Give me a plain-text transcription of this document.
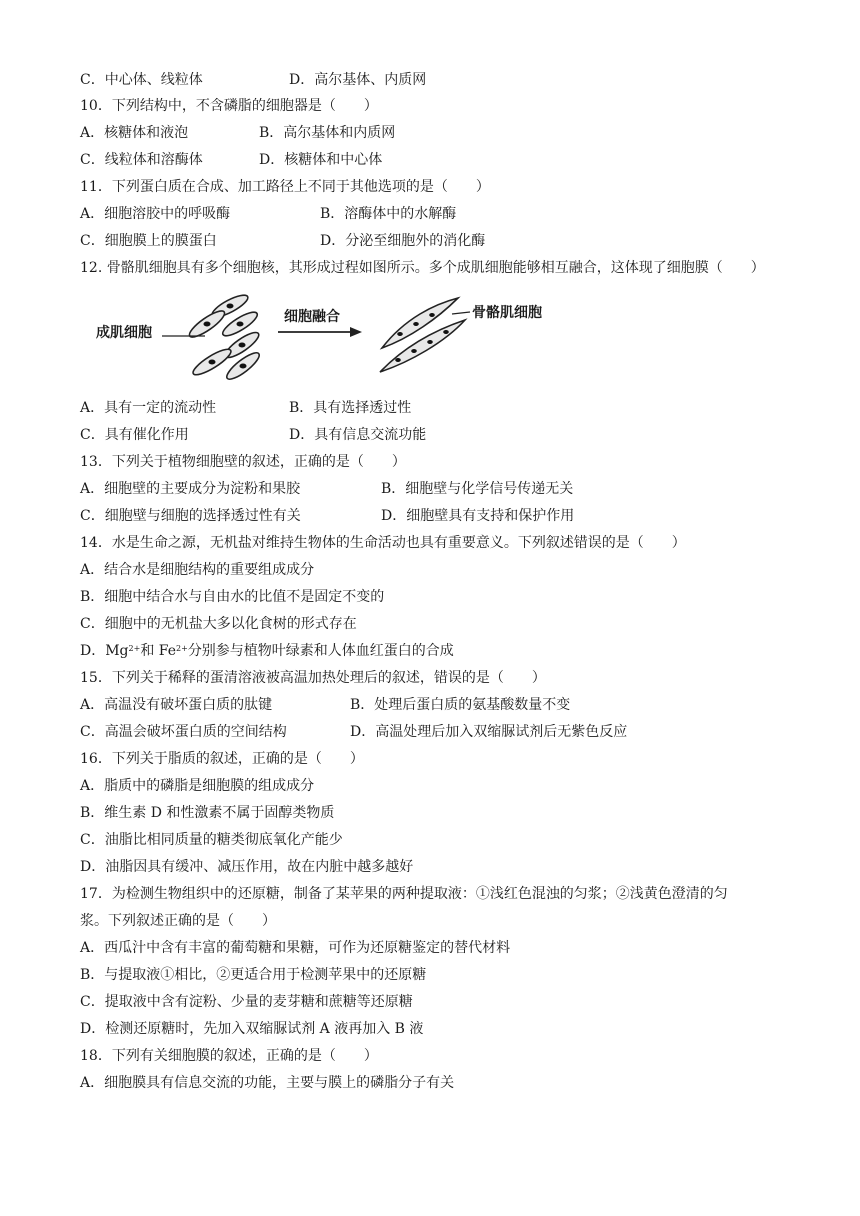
C．中心体、线粒体	D．高尔基体、内质网
10．下列结构中，不含磷脂的细胞器是（　　）
A．核糖体和液泡	B．高尔基体和内质网
C．线粒体和溶酶体	D．核糖体和中心体
11．下列蛋白质在合成、加工路径上不同于其他选项的是（　　）
A．细胞溶胶中的呼吸酶	B．溶酶体中的水解酶
C．细胞膜上的膜蛋白	D．分泌至细胞外的消化酶
12. 骨骼肌细胞具有多个细胞核，其形成过程如图所示。多个成肌细胞能够相互融合，这体现了细胞膜（　　）
成肌细胞
细胞融合	骨骼肌细胞
A．具有一定的流动性	B．具有选择透过性
C．具有催化作用	D．具有信息交流功能
13．下列关于植物细胞壁的叙述，正确的是（　　）
A．细胞壁的主要成分为淀粉和果胶	B．细胞壁与化学信号传递无关
C．细胞壁与细胞的选择透过性有关	D．细胞壁具有支持和保护作用
14．水是生命之源，无机盐对维持生物体的生命活动也具有重要意义。下列叙述错误的是（　　）
A．结合水是细胞结构的重要组成成分
B．细胞中结合水与自由水的比值不是固定不变的
C．细胞中的无机盐大多以化食树的形式存在
D．$Mg^{2+}$和 $Fe^{2+}$分别参与植物叶绿素和人体血红蛋白的合成
15．下列关于稀释的蛋清溶液被高温加热处理后的叙述，错误的是（　　）
A．高温没有破坏蛋白质的肽键	B．处理后蛋白质的氨基酸数量不变
C．高温会破坏蛋白质的空间结构	D．高温处理后加入双缩脲试剂后无紫色反应
16．下列关于脂质的叙述，正确的是（　　）
A．脂质中的磷脂是细胞膜的组成成分
B．维生素 D 和性激素不属于固醇类物质
C．油脂比相同质量的糖类彻底氧化产能少
D．油脂因具有缓冲、减压作用，故在内脏中越多越好
17．为检测生物组织中的还原糖，制备了某苹果的两种提取液：①浅红色混浊的匀浆；②浅黄色澄清的匀
浆。下列叙述正确的是（　　）
A．西瓜汁中含有丰富的葡萄糖和果糖，可作为还原糖鉴定的替代材料
B．与提取液①相比，②更适合用于检测苹果中的还原糖
C．提取液中含有淀粉、少量的麦芽糖和蔗糖等还原糖
D．检测还原糖时，先加入双缩脲试剂 A 液再加入 B 液
18．下列有关细胞膜的叙述，正确的是（　　）
A．细胞膜具有信息交流的功能，主要与膜上的磷脂分子有关
